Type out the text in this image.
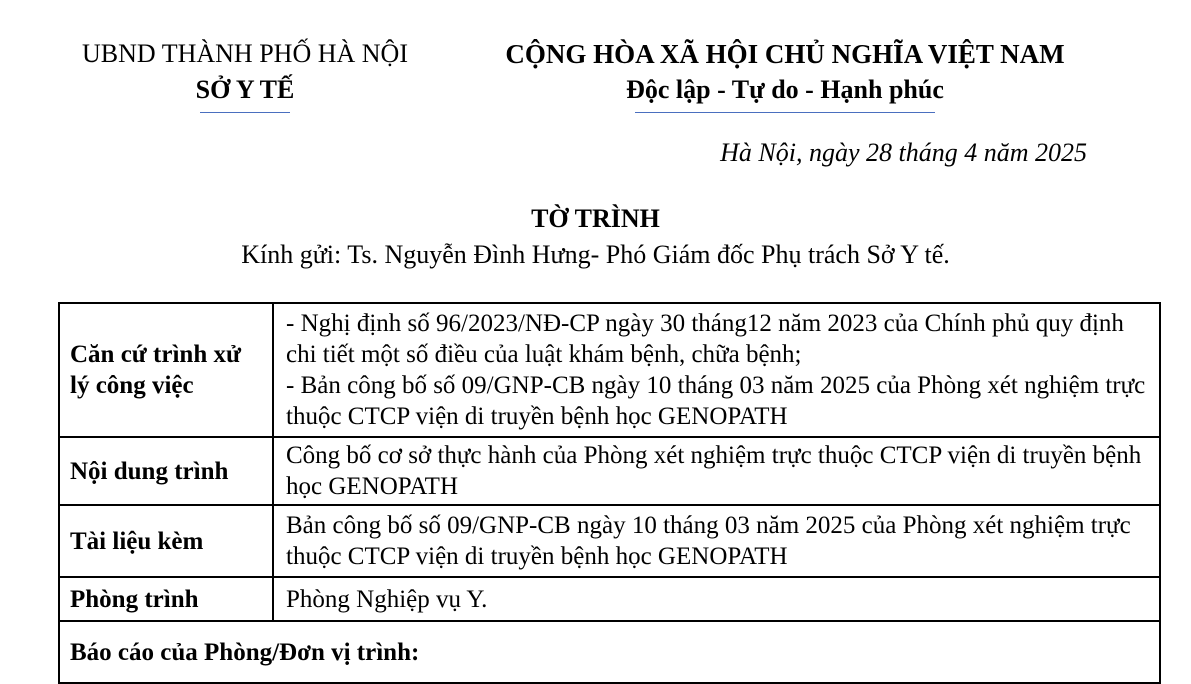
UBND THÀNH PHỐ HÀ NỘI
SỞ Y TẾ
CỘNG HÒA XÃ HỘI CHỦ NGHĨA VIỆT NAM
Độc lập - Tự do - Hạnh phúc
Hà Nội, ngày 28 tháng 4 năm 2025
TỜ TRÌNH
Kính gửi: Ts. Nguyễn Đình Hưng- Phó Giám đốc Phụ trách Sở Y tế.
Căn cứ trình xử lý công việc	- Nghị định số 96/2023/NĐ-CP ngày 30 tháng12 năm 2023 của Chính phủ quy định chi tiết một số điều của luật khám bệnh, chữa bệnh;
- Bản công bố số 09/GNP-CB ngày 10 tháng 03 năm 2025 của Phòng xét nghiệm trực thuộc CTCP viện di truyền bệnh học GENOPATH

Nội dung trình	Công bố cơ sở thực hành của Phòng xét nghiệm trực thuộc CTCP viện di truyền bệnh học GENOPATH
Tài liệu kèm	Bản công bố số 09/GNP-CB ngày 10 tháng 03 năm 2025 của Phòng xét nghiệm trực thuộc CTCP viện di truyền bệnh học GENOPATH
Phòng trình	Phòng Nghiệp vụ Y.
Báo cáo của Phòng/Đơn vị trình:	
